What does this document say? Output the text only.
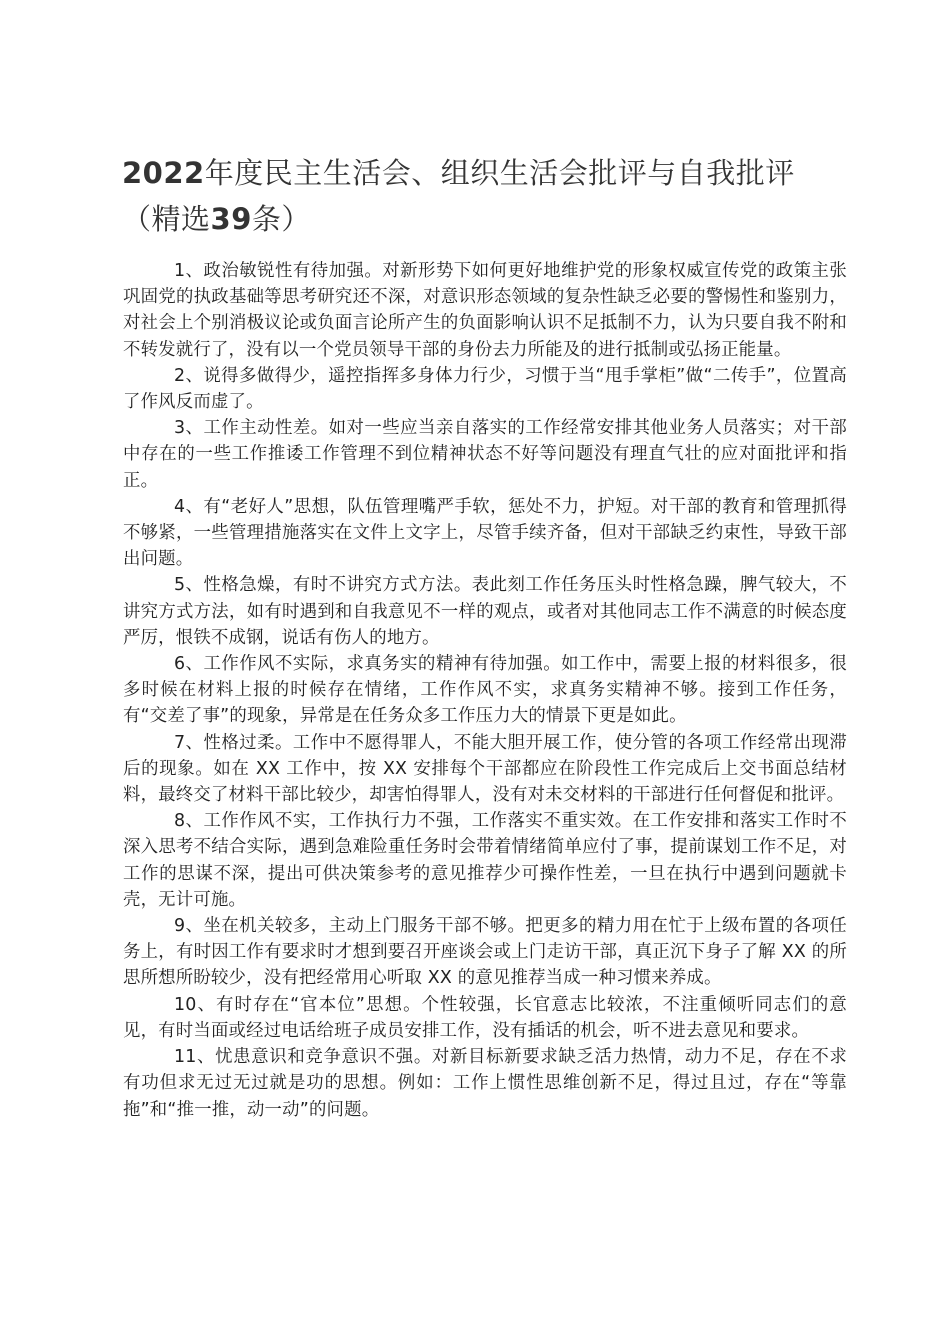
2022年度民主生活会、组织生活会批评与自我批评
（精选39条）

1、政治敏锐性有待加强。对新形势下如何更好地维护党的形象权威宣传党的政策主张巩固党的执政基础等思考研究还不深，对意识形态领域的复杂性缺乏必要的警惕性和鉴别力，对社会上个别消极议论或负面言论所产生的负面影响认识不足抵制不力，认为只要自我不附和不转发就行了，没有以一个党员领导干部的身份去力所能及的进行抵制或弘扬正能量。

2、说得多做得少，遥控指挥多身体力行少，习惯于当“甩手掌柜”做“二传手”，位置高了作风反而虚了。

3、工作主动性差。如对一些应当亲自落实的工作经常安排其他业务人员落实；对干部中存在的一些工作推诿工作管理不到位精神状态不好等问题没有理直气壮的应对面批评和指正。

4、有“老好人”思想，队伍管理嘴严手软，惩处不力，护短。对干部的教育和管理抓得不够紧，一些管理措施落实在文件上文字上，尽管手续齐备，但对干部缺乏约束性，导致干部出问题。

5、性格急燥，有时不讲究方式方法。表此刻工作任务压头时性格急躁，脾气较大，不讲究方式方法，如有时遇到和自我意见不一样的观点，或者对其他同志工作不满意的时候态度严厉，恨铁不成钢，说话有伤人的地方。

6、工作作风不实际，求真务实的精神有待加强。如工作中，需要上报的材料很多，很多时候在材料上报的时候存在情绪，工作作风不实，求真务实精神不够。接到工作任务，有“交差了事”的现象，异常是在任务众多工作压力大的情景下更是如此。

7、性格过柔。工作中不愿得罪人，不能大胆开展工作，使分管的各项工作经常出现滞后的现象。如在 XX 工作中，按 XX 安排每个干部都应在阶段性工作完成后上交书面总结材料，最终交了材料干部比较少，却害怕得罪人，没有对未交材料的干部进行任何督促和批评。

8、工作作风不实，工作执行力不强，工作落实不重实效。在工作安排和落实工作时不深入思考不结合实际，遇到急难险重任务时会带着情绪简单应付了事，提前谋划工作不足，对工作的思谋不深，提出可供决策参考的意见推荐少可操作性差，一旦在执行中遇到问题就卡壳，无计可施。

9、坐在机关较多，主动上门服务干部不够。把更多的精力用在忙于上级布置的各项任务上，有时因工作有要求时才想到要召开座谈会或上门走访干部，真正沉下身子了解 XX 的所思所想所盼较少，没有把经常用心听取 XX 的意见推荐当成一种习惯来养成。

10、有时存在“官本位”思想。个性较强，长官意志比较浓，不注重倾听同志们的意见，有时当面或经过电话给班子成员安排工作，没有插话的机会，听不进去意见和要求。

11、忧患意识和竞争意识不强。对新目标新要求缺乏活力热情，动力不足，存在不求有功但求无过无过就是功的思想。例如：工作上惯性思维创新不足，得过且过，存在“等靠拖”和“推一推，动一动”的问题。
